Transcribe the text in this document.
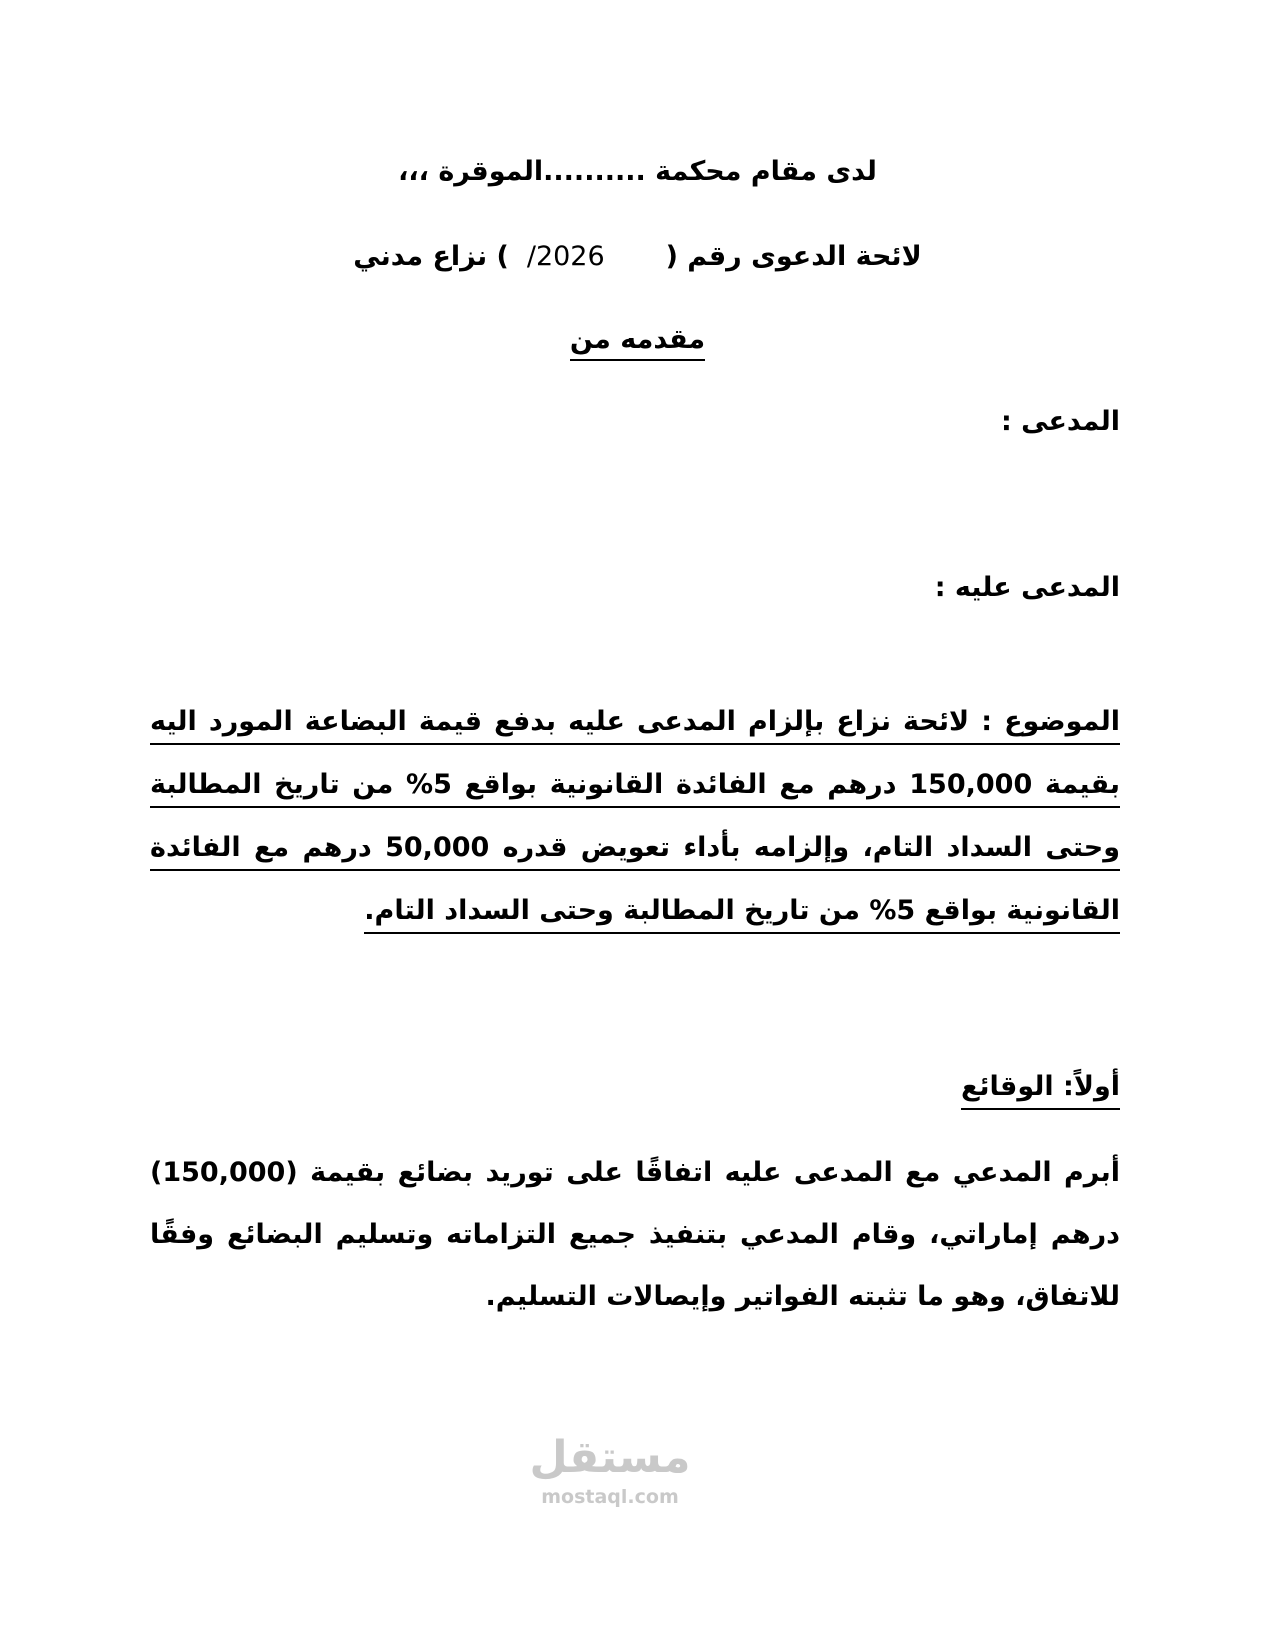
لدى مقام محكمة ..........الموقرة ،،،
لائحة الدعوى رقم (       /2026  ) نزاع مدني
مقدمه من
المدعى :
المدعى عليه :
الموضوع : لائحة نزاع بإلزام المدعى عليه بدفع قيمة البضاعة المورد اليه بقيمة 150,000 درهم مع الفائدة القانونية بواقع 5% من تاريخ المطالبة وحتى السداد التام، وإلزامه بأداء تعويض قدره 50,000 درهم مع الفائدة القانونية بواقع 5% من تاريخ المطالبة وحتى السداد التام.
أولاً: الوقائع
أبرم المدعي مع المدعى عليه اتفاقًا على توريد بضائع بقيمة (150,000) درهم إماراتي، وقام المدعي بتنفيذ جميع التزاماته وتسليم البضائع وفقًا للاتفاق، وهو ما تثبته الفواتير وإيصالات التسليم.
مستقل
mostaql.com
